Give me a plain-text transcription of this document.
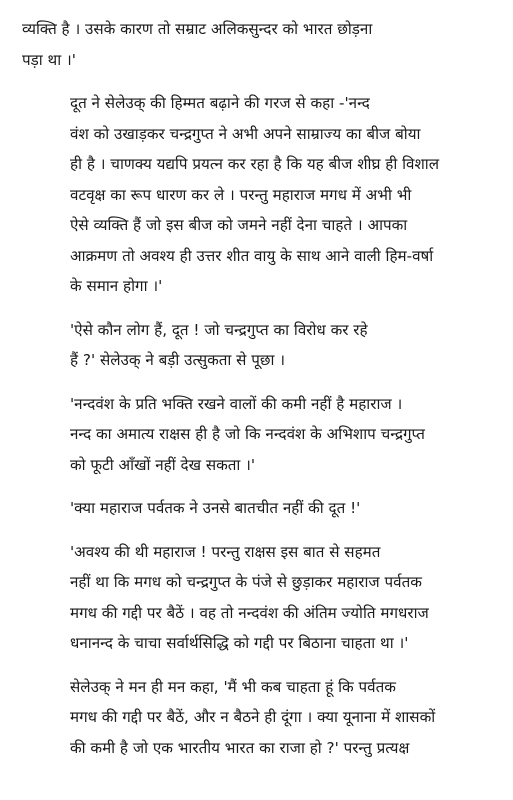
व्यक्ति है । उसके कारण तो सम्राट अलिकसुन्दर को भारत छोड़ना
पड़ा था ।'

दूत ने सेलेउक् की हिम्मत बढ़ाने की गरज से कहा -'नन्द
वंश को उखाड़कर चन्द्रगुप्त ने अभी अपने साम्राज्य का बीज बोया
ही है । चाणक्य यद्यपि प्रयत्न कर रहा है कि यह बीज शीघ्र ही विशाल
वटवृक्ष का रूप धारण कर ले । परन्तु महाराज मगध में अभी भी
ऐसे व्यक्ति हैं जो इस बीज को जमने नहीं देना चाहते । आपका
आक्रमण तो अवश्य ही उत्तर शीत वायु के साथ आने वाली हिम-वर्षा
के समान होगा ।'

'ऐसे कौन लोग हैं, दूत ! जो चन्द्रगुप्त का विरोध कर रहे
हैं ?' सेलेउक् ने बड़ी उत्सुकता से पूछा ।

'नन्दवंश के प्रति भक्ति रखने वालों की कमी नहीं है महाराज ।
नन्द का अमात्य राक्षस ही है जो कि नन्दवंश के अभिशाप चन्द्रगुप्त
को फूटी आँखों नहीं देख सकता ।'

'क्या महाराज पर्वतक ने उनसे बातचीत नहीं की दूत !'

'अवश्य की थी महाराज ! परन्तु राक्षस इस बात से सहमत
नहीं था कि मगध को चन्द्रगुप्त के पंजे से छुड़ाकर महाराज पर्वतक
मगध की गद्दी पर बैठें । वह तो नन्दवंश की अंतिम ज्योति मगधराज
धनानन्द के चाचा सर्वार्थसिद्धि को गद्दी पर बिठाना चाहता था ।'

सेलेउक् ने मन ही मन कहा, 'मैं भी कब चाहता हूं कि पर्वतक
मगध की गद्दी पर बैठें, और न बैठने ही दूंगा । क्या यूनाना में शासकों
की कमी है जो एक भारतीय भारत का राजा हो ?' परन्तु प्रत्यक्ष
